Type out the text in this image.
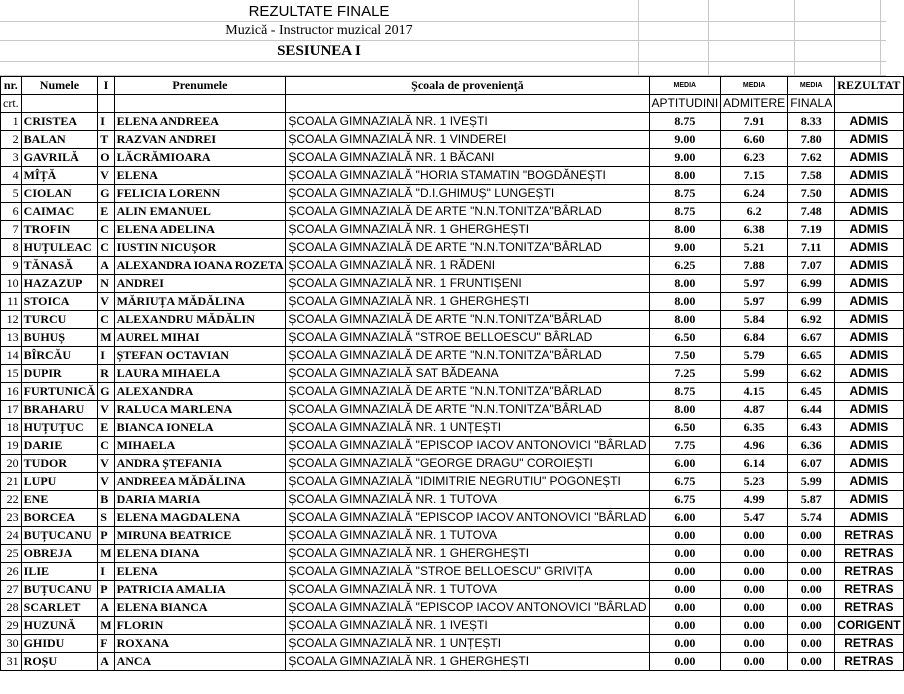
REZULTATE FINALE
Muzică - Instructor muzical 2017
SESIUNEA I
nr.	Numele	I	Prenumele	Şcoala de provenienţă	MEDIA	MEDIA	MEDIA	REZULTAT
crt.					APTITUDINI	ADMITERE	FINALA	
1	CRISTEA	I	ELENA ANDREEA	ȘCOALA GIMNAZIALĂ NR. 1 IVEȘTI	8.75	7.91	8.33	ADMIS
2	BALAN	T	RAZVAN ANDREI	ȘCOALA GIMNAZIALĂ NR. 1 VINDEREI	9.00	6.60	7.80	ADMIS
3	GAVRILĂ	O	LĂCRĂMIOARA	ȘCOALA GIMNAZIALĂ NR. 1 BĂCANI	9.00	6.23	7.62	ADMIS
4	MÎȚĂ	V	ELENA	ȘCOALA GIMNAZIALĂ "HORIA STAMATIN "BOGDĂNEȘTI	8.00	7.15	7.58	ADMIS
5	CIOLAN	G	FELICIA LORENN	ȘCOALA GIMNAZIALĂ "D.I.GHIMUȘ" LUNGEȘTI	8.75	6.24	7.50	ADMIS
6	CAIMAC	E	ALIN EMANUEL	ȘCOALA GIMNAZIALĂ DE ARTE "N.N.TONITZA"BÂRLAD	8.75	6.2	7.48	ADMIS
7	TROFIN	C	ELENA ADELINA	ȘCOALA GIMNAZIALĂ NR. 1 GHERGHEȘTI	8.00	6.38	7.19	ADMIS
8	HUȚULEAC	C	IUSTIN NICUȘOR	ȘCOALA GIMNAZIALĂ DE ARTE "N.N.TONITZA"BÂRLAD	9.00	5.21	7.11	ADMIS
9	TĂNASĂ	A	ALEXANDRA IOANA ROZETA	ȘCOALA GIMNAZIALĂ NR. 1 RĂDENI	6.25	7.88	7.07	ADMIS
10	HAZAZUP	N	ANDREI	ȘCOALA GIMNAZIALĂ NR. 1 FRUNTIȘENI	8.00	5.97	6.99	ADMIS
11	STOICA	V	MĂRIUȚA MĂDĂLINA	ȘCOALA GIMNAZIALĂ NR. 1 GHERGHEȘTI	8.00	5.97	6.99	ADMIS
12	TURCU	C	ALEXANDRU MĂDĂLIN	ȘCOALA GIMNAZIALĂ DE ARTE "N.N.TONITZA"BÂRLAD	8.00	5.84	6.92	ADMIS
13	BUHUȘ	M	AUREL MIHAI	ȘCOALA GIMNAZIALĂ "STROE BELLOESCU" BÂRLAD	6.50	6.84	6.67	ADMIS
14	BÎRCĂU	I	ȘTEFAN OCTAVIAN	ȘCOALA GIMNAZIALĂ DE ARTE "N.N.TONITZA"BÂRLAD	7.50	5.79	6.65	ADMIS
15	DUPIR	R	LAURA MIHAELA	ȘCOALA GIMNAZIALĂ SAT BĂDEANA	7.25	5.99	6.62	ADMIS
16	FURTUNICĂ	G	ALEXANDRA	ȘCOALA GIMNAZIALĂ DE ARTE "N.N.TONITZA"BÂRLAD	8.75	4.15	6.45	ADMIS
17	BRAHARU	V	RALUCA MARLENA	ȘCOALA GIMNAZIALĂ DE ARTE "N.N.TONITZA"BÂRLAD	8.00	4.87	6.44	ADMIS
18	HUȚUȚUC	E	BIANCA IONELA	ȘCOALA GIMNAZIALĂ NR. 1 UNȚEȘTI	6.50	6.35	6.43	ADMIS
19	DARIE	C	MIHAELA	ȘCOALA GIMNAZIALĂ "EPISCOP IACOV ANTONOVICI "BÂRLAD	7.75	4.96	6.36	ADMIS
20	TUDOR	V	ANDRA ȘTEFANIA	ȘCOALA GIMNAZIALĂ "GEORGE DRAGU" COROIEȘTI	6.00	6.14	6.07	ADMIS
21	LUPU	V	ANDREEA MĂDĂLINA	ȘCOALA GIMNAZIALĂ "IDIMITRIE NEGRUTIU" POGONEȘTI	6.75	5.23	5.99	ADMIS
22	ENE	B	DARIA MARIA	ȘCOALA GIMNAZIALĂ NR. 1 TUTOVA	6.75	4.99	5.87	ADMIS
23	BORCEA	S	ELENA MAGDALENA	ȘCOALA GIMNAZIALĂ "EPISCOP IACOV ANTONOVICI "BÂRLAD	6.00	5.47	5.74	ADMIS
24	BUȚUCANU	P	MIRUNA BEATRICE	ȘCOALA GIMNAZIALĂ NR. 1 TUTOVA	0.00	0.00	0.00	RETRAS
25	OBREJA	M	ELENA DIANA	ȘCOALA GIMNAZIALĂ NR. 1 GHERGHEȘTI	0.00	0.00	0.00	RETRAS
26	ILIE	I	ELENA	ȘCOALA GIMNAZIALĂ "STROE BELLOESCU" GRIVIȚA	0.00	0.00	0.00	RETRAS
27	BUȚUCANU	P	PATRICIA AMALIA	ȘCOALA GIMNAZIALĂ NR. 1 TUTOVA	0.00	0.00	0.00	RETRAS
28	SCARLET	A	ELENA BIANCA	ȘCOALA GIMNAZIALĂ "EPISCOP IACOV ANTONOVICI "BÂRLAD	0.00	0.00	0.00	RETRAS
29	HUZUNĂ	M	FLORIN	ȘCOALA GIMNAZIALĂ NR. 1 IVEȘTI	0.00	0.00	0.00	CORIGENT
30	GHIDU	F	ROXANA	ȘCOALA GIMNAZIALĂ NR. 1 UNȚEȘTI	0.00	0.00	0.00	RETRAS
31	ROȘU	A	ANCA	ȘCOALA GIMNAZIALĂ NR. 1 GHERGHEȘTI	0.00	0.00	0.00	RETRAS
